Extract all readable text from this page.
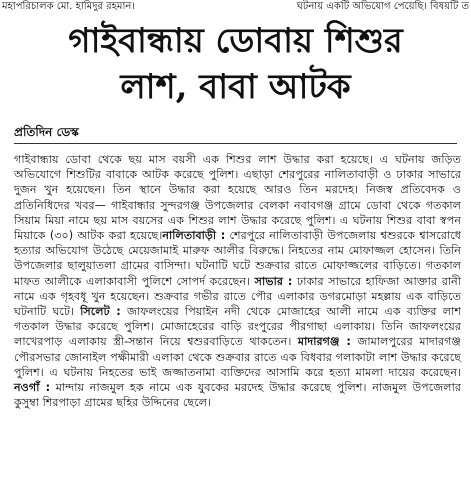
মহাপরিচালক মো. হামিদুর রহমান।	ঘটনায় একটি অভিযোগ পেয়েছি। বিষয়টি ত
গাইবান্ধায় ডোবায় শিশুর
লাশ, বাবা আটক
প্রতিদিন ডেস্ক

গাইবান্ধায় ডোবা থেকে ছয় মাস বয়সী এক শিশুর লাশ উদ্ধার করা হয়েছে। এ ঘটনায় জড়িত অভিযোগে শিশুটির বাবাকে আটক করেছে পুলিশ। এছাড়া শেরপুরের নালিতাবাড়ী ও ঢাকার সাভারে দুজন খুন হয়েছেন। তিন স্থানে উদ্ধার করা হয়েছে আরও তিন মরদেহ। নিজস্ব প্রতিবেদক ও প্রতিনিধিদের খবর— গাইবান্ধার সুন্দরগঞ্জ উপজেলার বেলকা নবাবগঞ্জ গ্রামে ডোবা থেকে গতকাল সিয়াম মিয়া নামে ছয় মাস বয়সের এক শিশুর লাশ উদ্ধার করেছে পুলিশ। এ ঘটনায় শিশুর বাবা স্বপন মিয়াকে (৩০) আটক করা হয়েছে।নালিতাবাড়ী : শেরপুরে নালিতাবাড়ী উপজেলায় শ্বশুরকে শ্বাসরোধে হত্যার অভিযোগ উঠেছে মেয়েজামাই মারুফ আলীর বিরুদ্ধে। নিহতের নাম মোফাজ্জল হোসেন। তিনি উপজেলার ছালুয়াতলা গ্রামের বাসিন্দা। ঘটনাটি ঘটে শুক্রবার রাতে মোফাজ্জলের বাড়িতে। গতকাল মাফত আলীকে এলাকাবাসী পুলিশে সোপর্দ করেছেন। সাভার : ঢাকার সাভারে হাফিজা আক্তার রানী নামে এক গৃহবধূ খুন হয়েছেন। শুক্রবার গভীর রাতে পৌর এলাকার ডগরমোড়া মহল্লায় এক বাড়িতে ঘটনাটি ঘটে। সিলেট : জাফলংয়ের পিয়াইন নদী থেকে মোজাহের আলী নামে এক ব্যক্তির লাশ গতকাল উদ্ধার করেছে পুলিশ। মোজাহেরের বাড়ি রংপুরের পীরগাছা এলাকায়। তিনি জাফলংয়ের লাখেরপাড় এলাকায় স্ত্রী-সন্তান নিয়ে শ্বশুরবাড়িতে থাকতেন। মাদারগঞ্জ : জামালপুরের মাদারগঞ্জ পৌরসভার জোনাইল পক্ষীমারী এলাকা থেকে শুক্রবার রাতে এক বিধবার গলাকাটা লাশ উদ্ধার করেছে পুলিশ। এ ঘটনায় নিহতের ভাই জজ্জাতনামা ব্যক্তিদের আসামি করে হত্যা মামলা দায়ের করেছেন। নওগাঁ : মান্দায় নাজমুল হক নামে এক যুবকের মরদেহ উদ্ধার করেছে পুলিশ। নাজমুল উপজেলার কুসুম্বা শিরপাড়া গ্রামের ছহির উদ্দিনের ছেলে।
